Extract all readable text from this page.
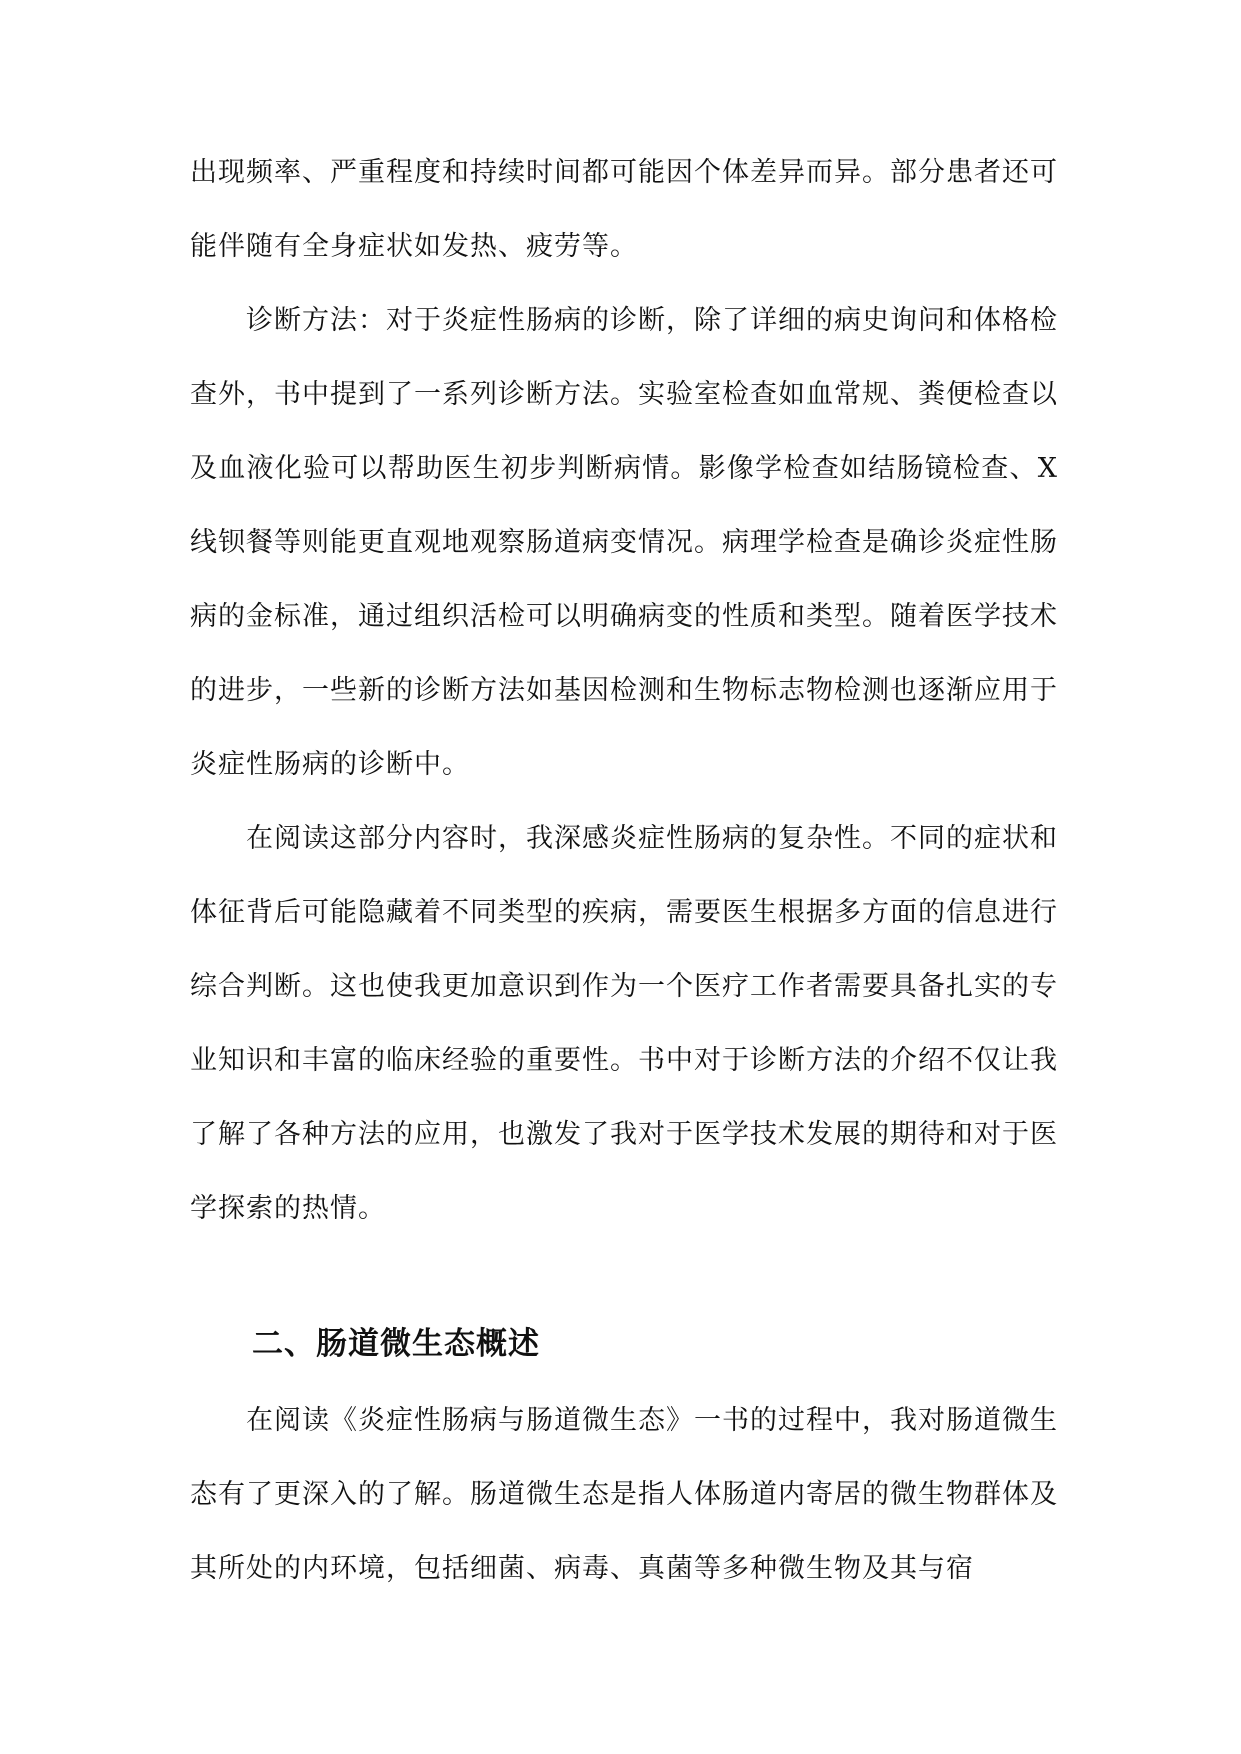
出现频率、严重程度和持续时间都可能因个体差异而异。部分患者还可能伴随有全身症状如发热、疲劳等。

诊断方法：对于炎症性肠病的诊断，除了详细的病史询问和体格检查外，书中提到了一系列诊断方法。实验室检查如血常规、粪便检查以及血液化验可以帮助医生初步判断病情。影像学检查如结肠镜检查、X线钡餐等则能更直观地观察肠道病变情况。病理学检查是确诊炎症性肠病的金标准，通过组织活检可以明确病变的性质和类型。随着医学技术的进步，一些新的诊断方法如基因检测和生物标志物检测也逐渐应用于炎症性肠病的诊断中。

在阅读这部分内容时，我深感炎症性肠病的复杂性。不同的症状和体征背后可能隐藏着不同类型的疾病，需要医生根据多方面的信息进行综合判断。这也使我更加意识到作为一个医疗工作者需要具备扎实的专业知识和丰富的临床经验的重要性。书中对于诊断方法的介绍不仅让我了解了各种方法的应用，也激发了我对于医学技术发展的期待和对于医学探索的热情。

二、肠道微生态概述

在阅读《炎症性肠病与肠道微生态》一书的过程中，我对肠道微生态有了更深入的了解。肠道微生态是指人体肠道内寄居的微生物群体及其所处的内环境，包括细菌、病毒、真菌等多种微生物及其与宿
